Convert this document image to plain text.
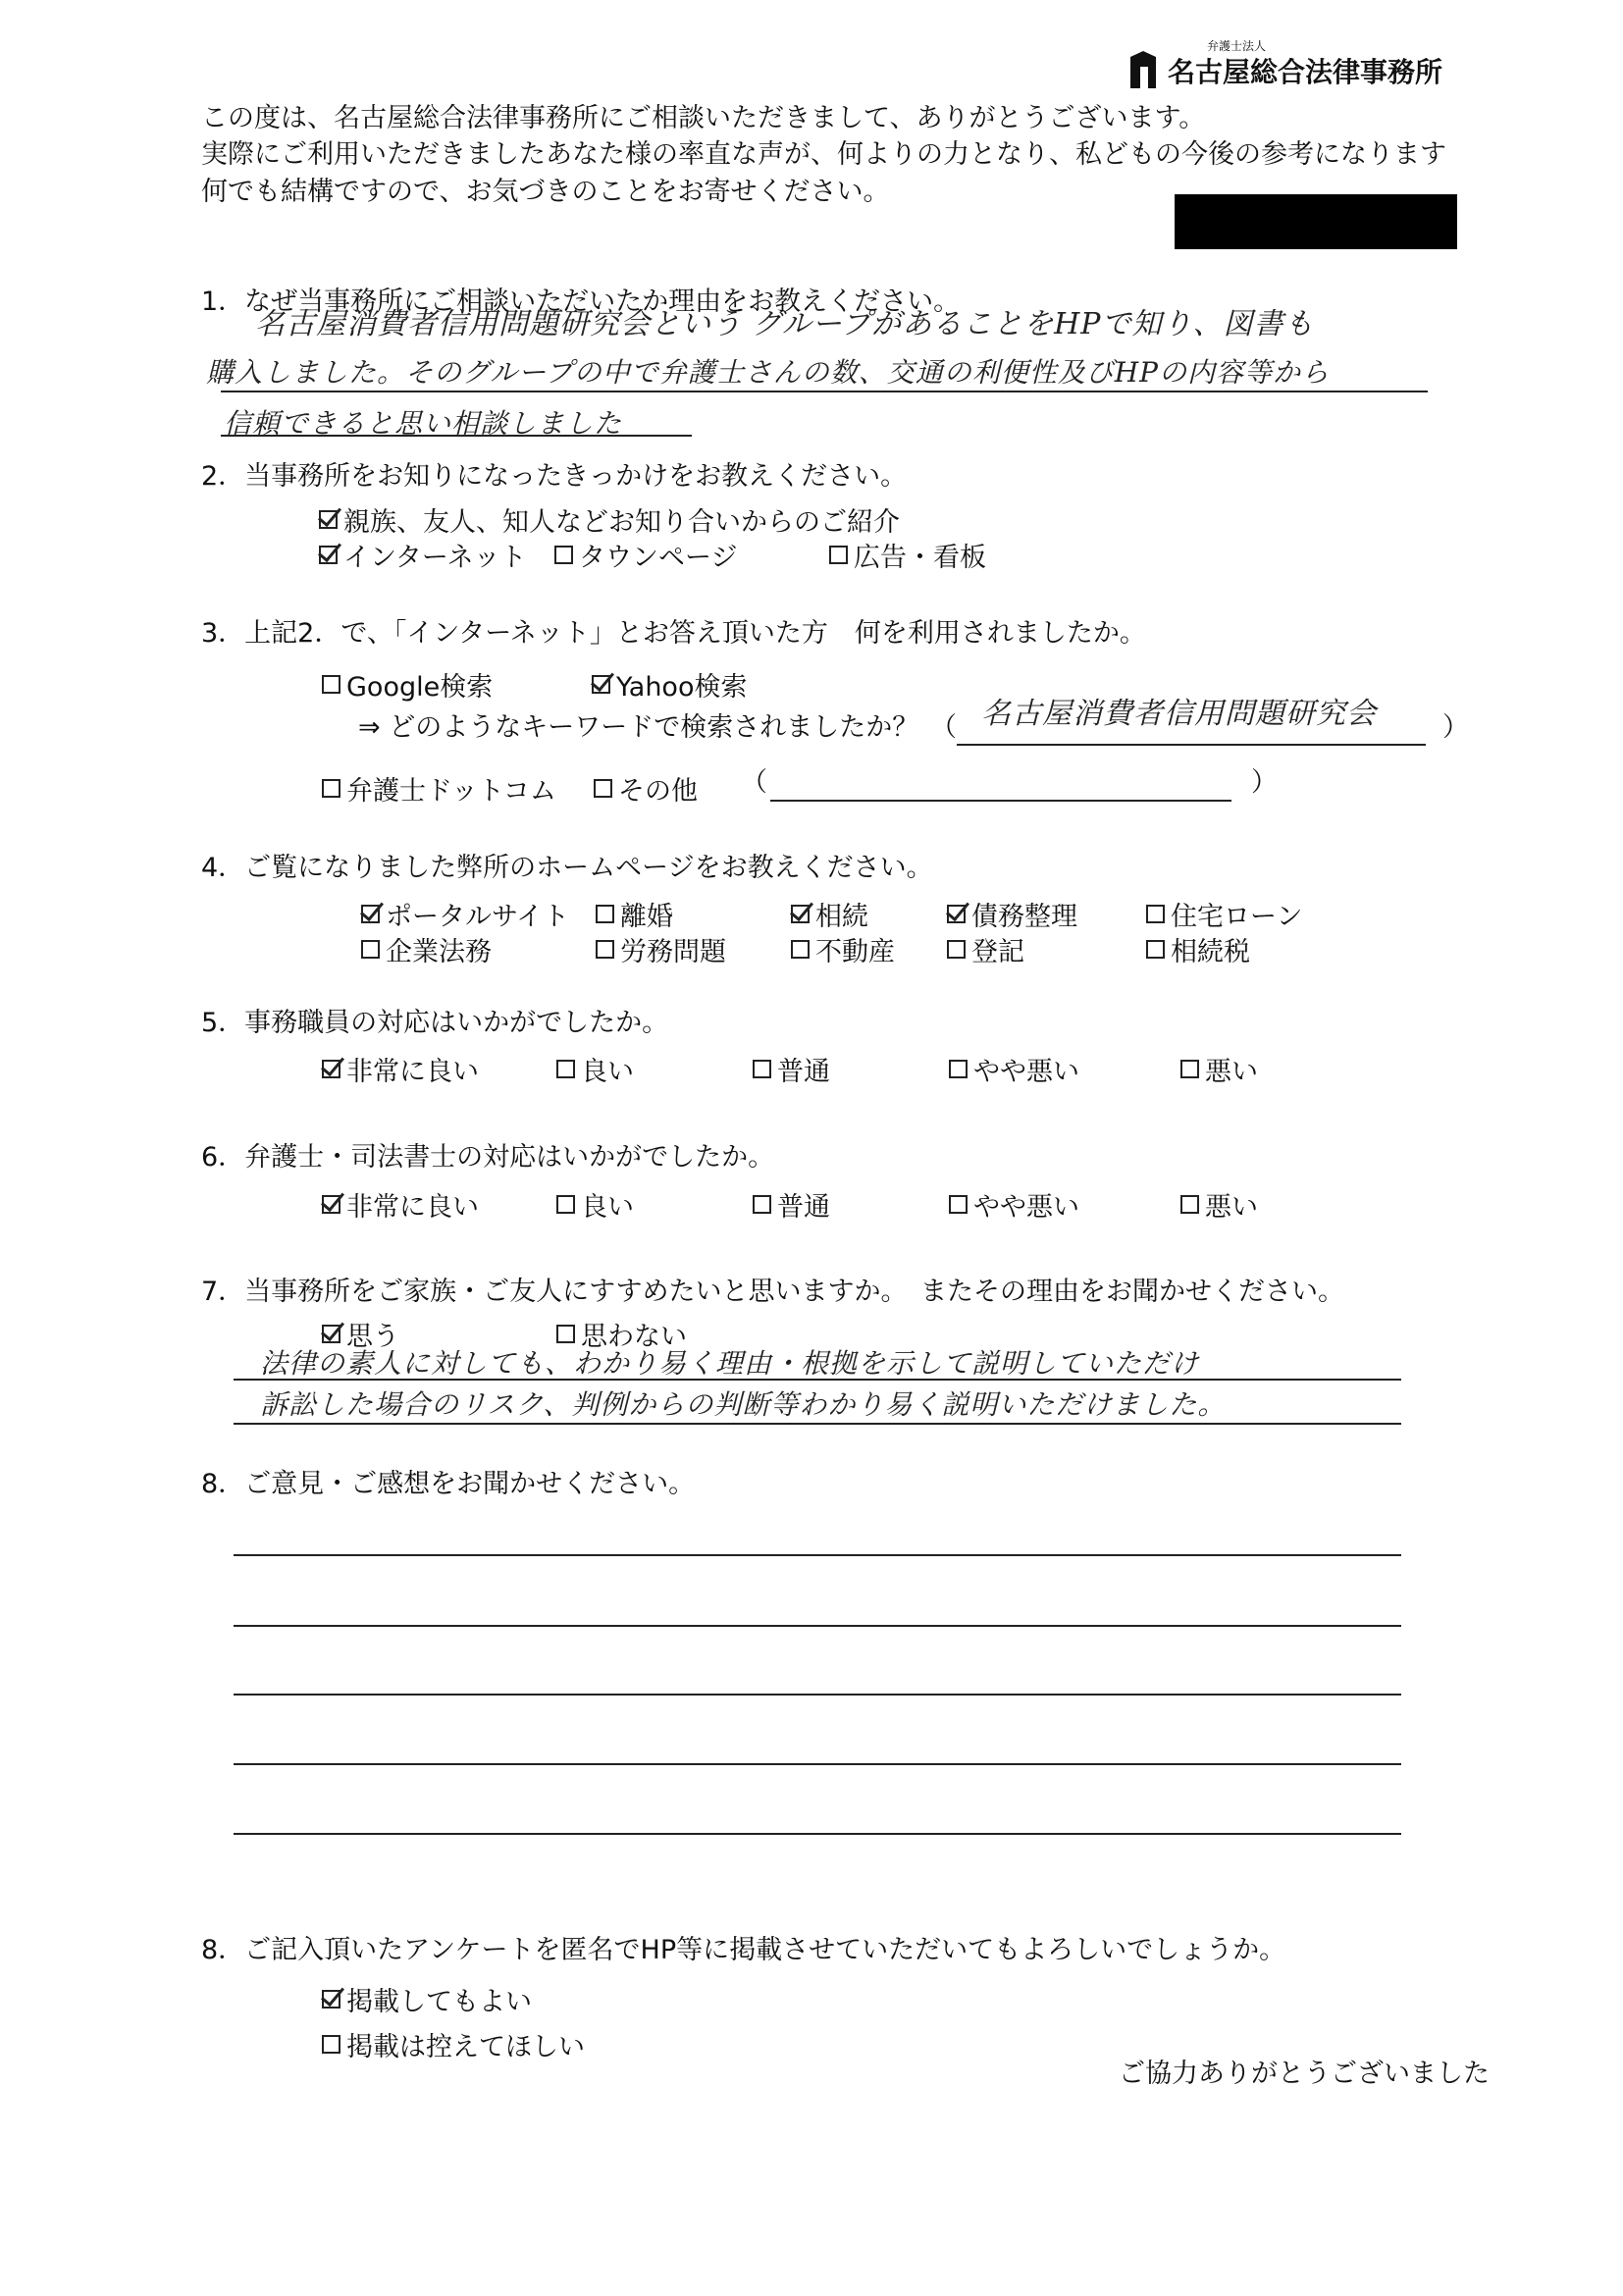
弁護士法人
名古屋総合法律事務所
この度は、名古屋総合法律事務所にご相談いただきまして、ありがとうございます。
実際にご利用いただきましたあなた様の率直な声が、何よりの力となり、私どもの今後の参考になります
何でも結構ですので、お気づきのことをお寄せください。
1．なぜ当事務所にご相談いただいたか理由をお教えください。
名古屋消費者信用問題研究会という グループがあることをHPで知り、図書も
購入しました。そのグループの中で弁護士さんの数、交通の利便性及びHPの内容等から
信頼できると思い相談しました
2．当事務所をお知りになったきっかけをお教えください。
親族、友人、知人などお知り合いからのご紹介
インターネット タウンページ	広告・看板
3．上記2．で、「インターネット」とお答え頂いた方　何を利用されましたか。
Google検索	Yahoo検索
⇒ どのようなキーワードで検索されましたか？ （ 名古屋消費者信用問題研究会 ）
弁護士ドットコム その他 （	）
4．ご覧になりました弊所のホームページをお教えください。
ポータルサイト 離婚	相続	債務整理	住宅ローン
企業法務	労務問題	不動産	登記	相続税
5．事務職員の対応はいかがでしたか。
非常に良い	良い	普通	やや悪い	悪い
6．弁護士・司法書士の対応はいかがでしたか。
非常に良い	良い	普通	やや悪い	悪い
7．当事務所をご家族・ご友人にすすめたいと思いますか。　またその理由をお聞かせください。
思う	思わない
法律の素人に対しても、わかり易く理由・根拠を示して説明していただけ
訴訟した場合のリスク、判例からの判断等わかり易く説明いただけました。
8．ご意見・ご感想をお聞かせください。
8．ご記入頂いたアンケートを匿名でHP等に掲載させていただいてもよろしいでしょうか。
掲載してもよい
掲載は控えてほしい
ご協力ありがとうございました
